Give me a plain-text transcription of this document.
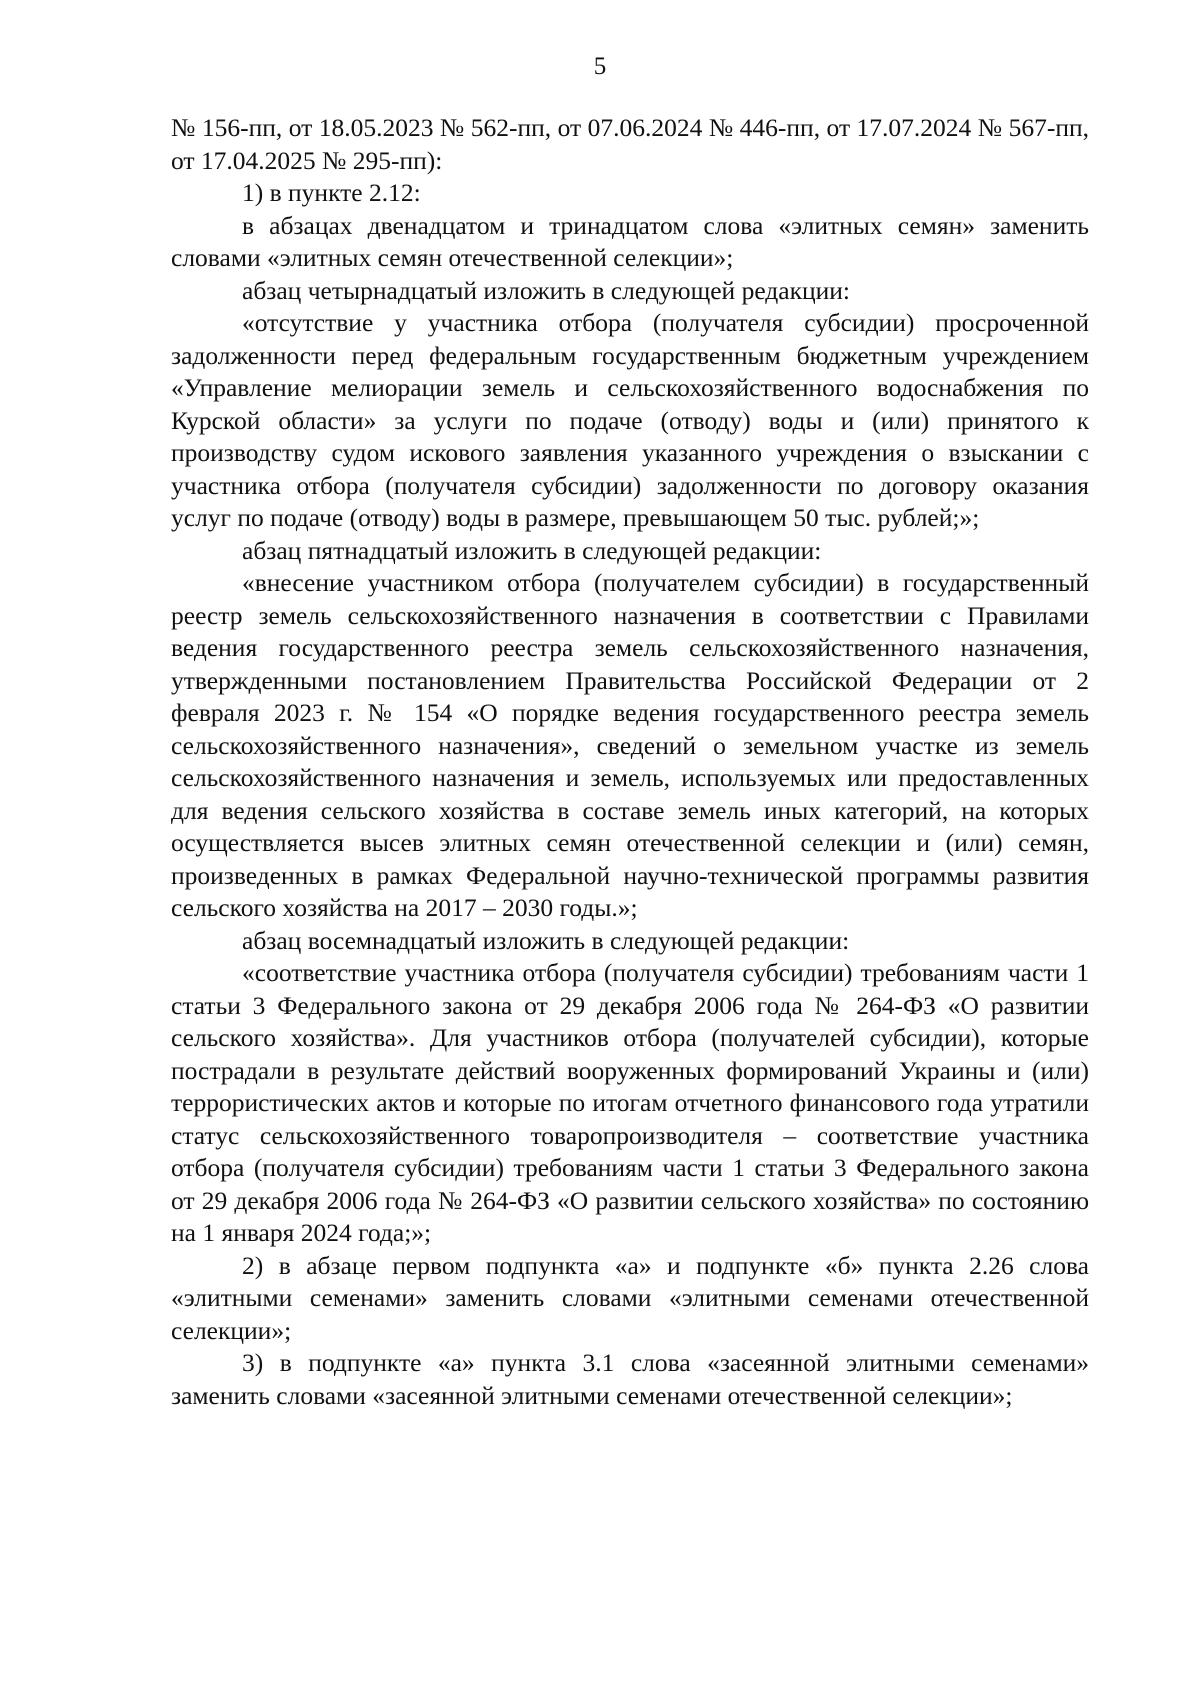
5

№ 156-пп, от 18.05.2023 № 562-пп, от 07.06.2024 № 446-пп, от 17.07.2024 № 567-пп, от 17.04.2025 № 295-пп):

1) в пункте 2.12:

в абзацах двенадцатом и тринадцатом слова «элитных семян» заменить словами «элитных семян отечественной селекции»;

абзац четырнадцатый изложить в следующей редакции:

«отсутствие у участника отбора (получателя субсидии) просроченной задолженности перед федеральным государственным бюджетным учреждением «Управление мелиорации земель и сельскохозяйственного водоснабжения по Курской области» за услуги по подаче (отводу) воды и (или) принятого к производству судом искового заявления указанного учреждения о взыскании с участника отбора (получателя субсидии) задолженности по договору оказания услуг по подаче (отводу) воды в размере, превышающем 50 тыс. рублей;»;

абзац пятнадцатый изложить в следующей редакции:

«внесение участником отбора (получателем субсидии) в государственный реестр земель сельскохозяйственного назначения в соответствии с Правилами ведения государственного реестра земель сельскохозяйственного назначения, утвержденными постановлением Правительства Российской Федерации от 2 февраля 2023 г. № 154 «О порядке ведения государственного реестра земель сельскохозяйственного назначения», сведений о земельном участке из земель сельскохозяйственного назначения и земель, используемых или предоставленных для ведения сельского хозяйства в составе земель иных категорий, на которых осуществляется высев элитных семян отечественной селекции и (или) семян, произведенных в рамках Федеральной научно-технической программы развития сельского хозяйства на 2017 – 2030 годы.»;

абзац восемнадцатый изложить в следующей редакции:

«соответствие участника отбора (получателя субсидии) требованиям части 1 статьи 3 Федерального закона от 29 декабря 2006 года № 264-ФЗ «О развитии сельского хозяйства». Для участников отбора (получателей субсидии), которые пострадали в результате действий вооруженных формирований Украины и (или) террористических актов и которые по итогам отчетного финансового года утратили статус сельскохозяйственного товаропроизводителя – соответствие участника отбора (получателя субсидии) требованиям части 1 статьи 3 Федерального закона от 29 декабря 2006 года № 264-ФЗ «О развитии сельского хозяйства» по состоянию на 1 января 2024 года;»;

2) в абзаце первом подпункта «а» и подпункте «б» пункта 2.26 слова «элитными семенами» заменить словами «элитными семенами отечественной селекции»;

3) в подпункте «а» пункта 3.1 слова «засеянной элитными семенами» заменить словами «засеянной элитными семенами отечественной селекции»;
